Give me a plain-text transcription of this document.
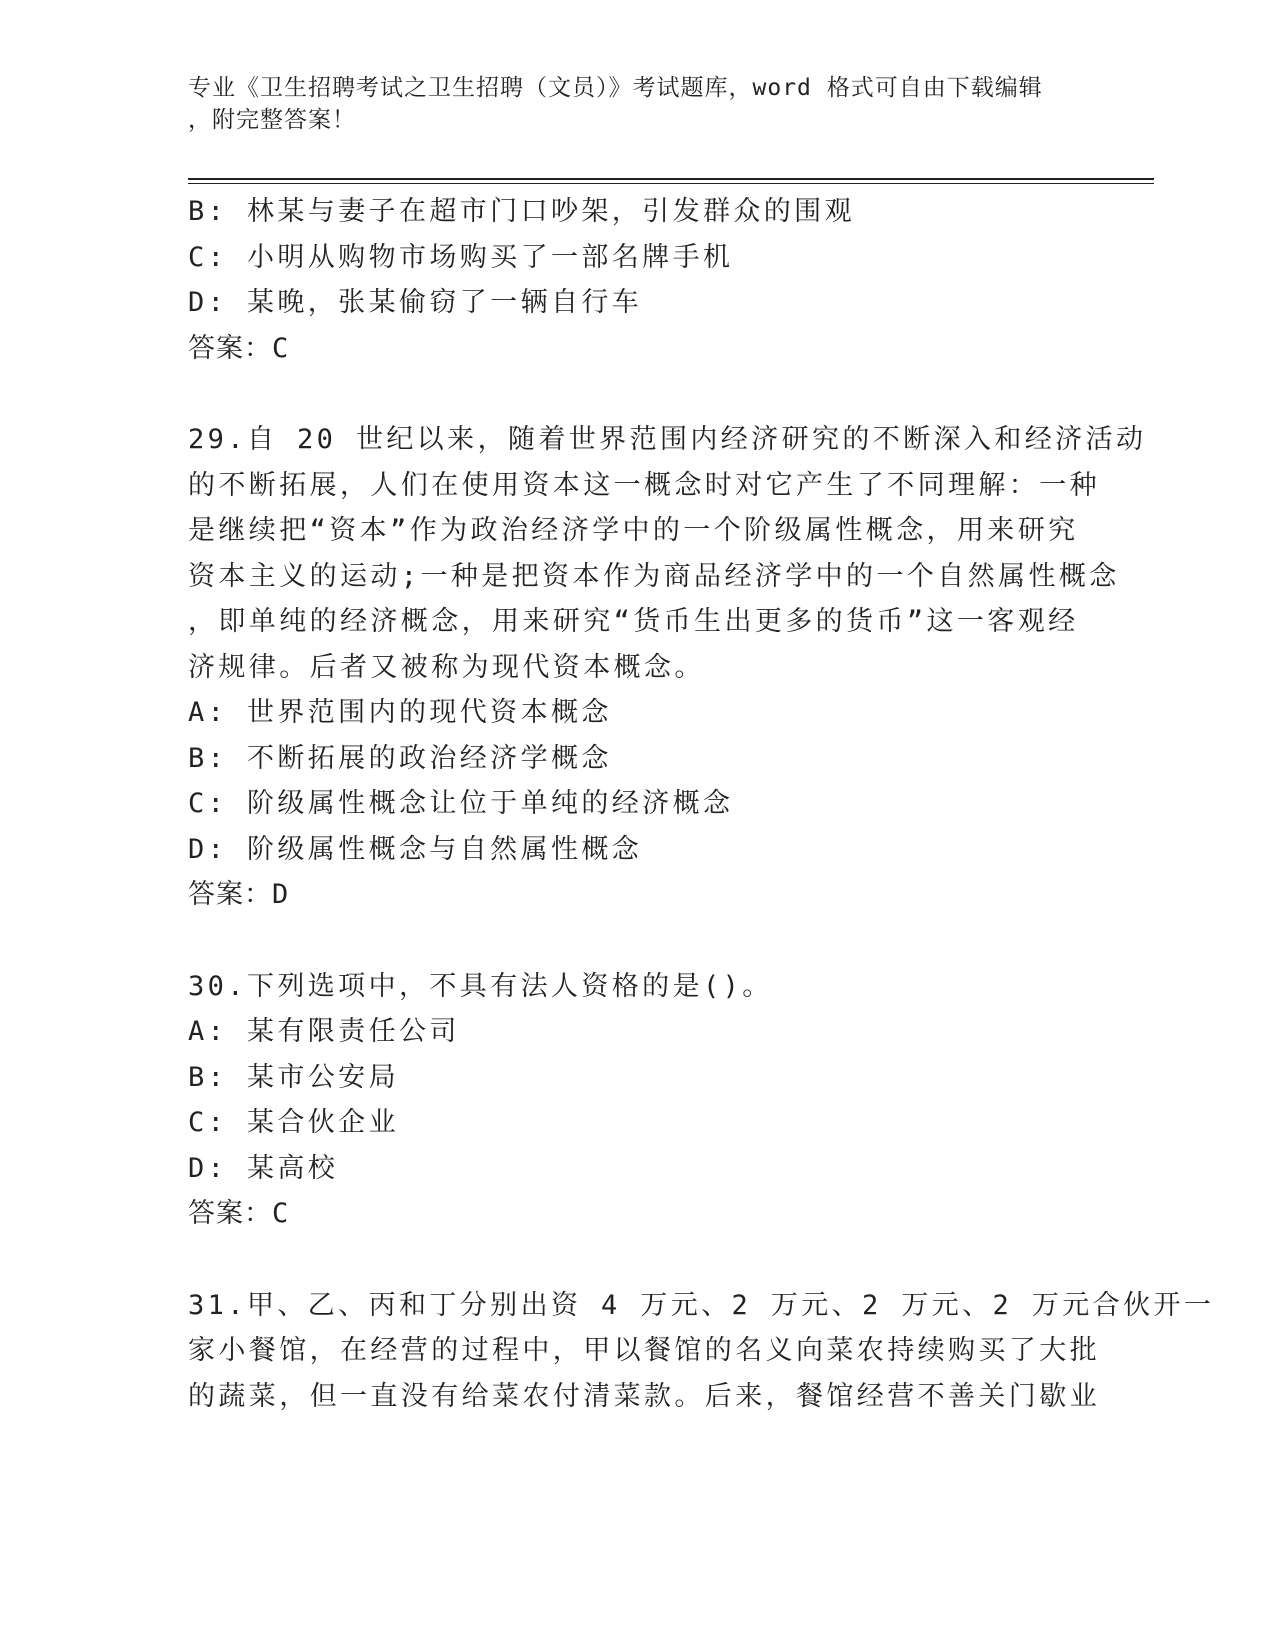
专业《卫生招聘考试之卫生招聘（文员）》考试题库，word 格式可自由下载编辑
，附完整答案！
B: 林某与妻子在超市门口吵架，引发群众的围观
C: 小明从购物市场购买了一部名牌手机
D: 某晚，张某偷窃了一辆自行车
答案：C
29.自 20 世纪以来，随着世界范围内经济研究的不断深入和经济活动
的不断拓展，人们在使用资本这一概念时对它产生了不同理解：一种
是继续把“资本”作为政治经济学中的一个阶级属性概念，用来研究
资本主义的运动;一种是把资本作为商品经济学中的一个自然属性概念
，即单纯的经济概念，用来研究“货币生出更多的货币”这一客观经
济规律。后者又被称为现代资本概念。
A: 世界范围内的现代资本概念
B: 不断拓展的政治经济学概念
C: 阶级属性概念让位于单纯的经济概念
D: 阶级属性概念与自然属性概念
答案：D
30.下列选项中，不具有法人资格的是()。
A: 某有限责任公司
B: 某市公安局
C: 某合伙企业
D: 某高校
答案：C
31.甲、乙、丙和丁分别出资 4 万元、2 万元、2 万元、2 万元合伙开一
家小餐馆，在经营的过程中，甲以餐馆的名义向菜农持续购买了大批
的蔬菜，但一直没有给菜农付清菜款。后来，餐馆经营不善关门歇业
